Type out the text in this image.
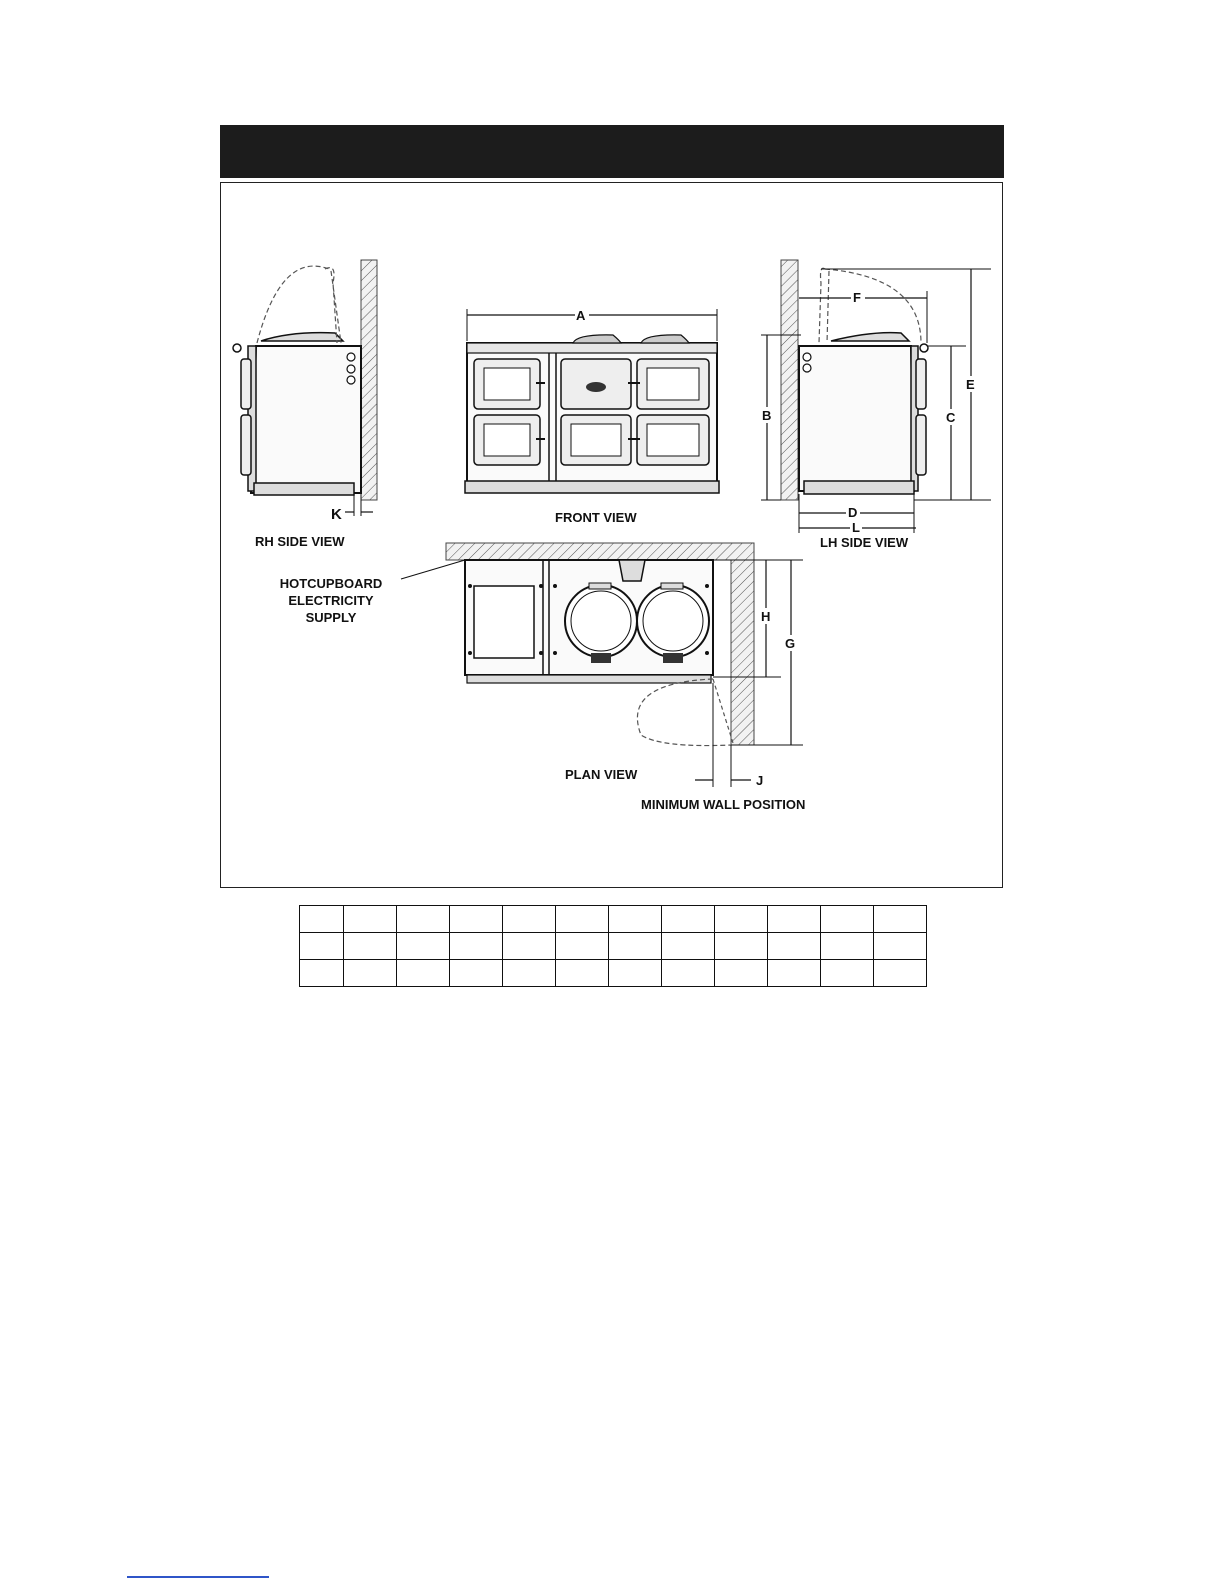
K
RH SIDE VIEW
A
FRONT VIEW
F
E
C
B
D
L
LH SIDE VIEW
H
G
J
HOTCUPBOARD
ELECTRICITY
SUPPLY
PLAN VIEW
MINIMUM WALL POSITION
